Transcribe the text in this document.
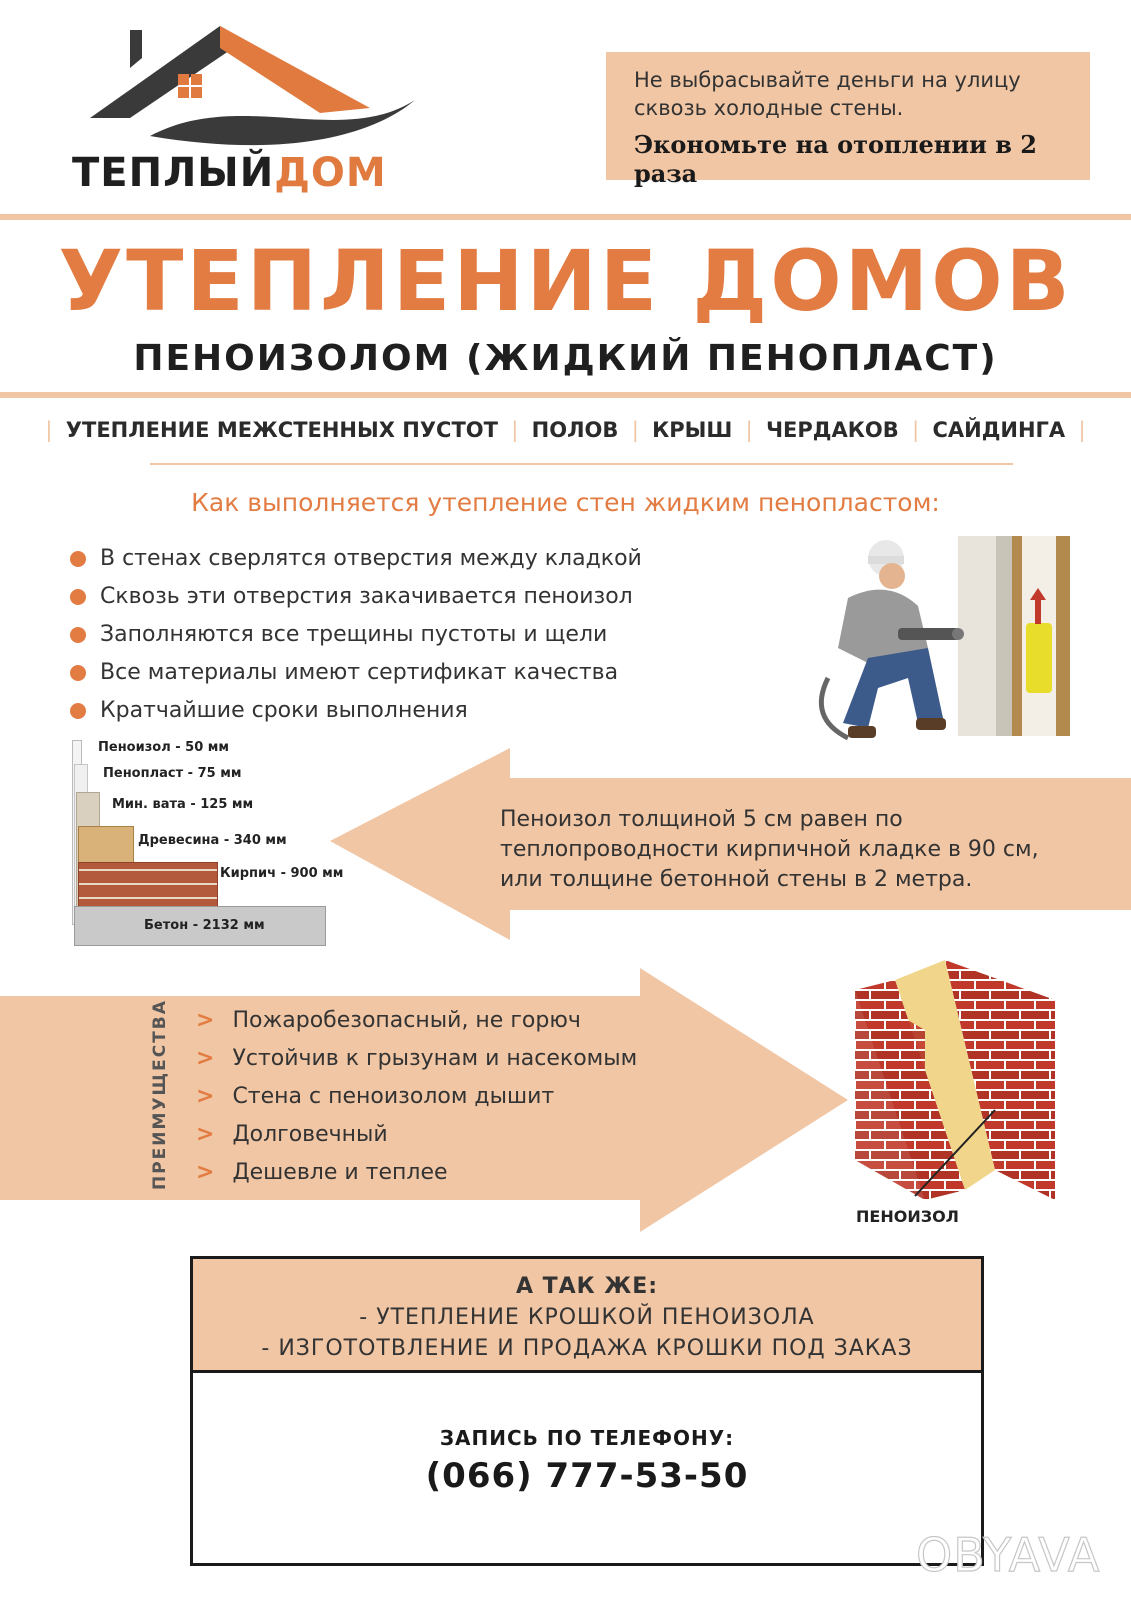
ТЕПЛЫЙДОМ
Не выбрасывайте деньги на улицу
сквозь холодные стены.
Экономьте на отоплении в 2 раза
УТЕПЛЕНИЕ ДОМОВ
ПЕНОИЗОЛОМ (ЖИДКИЙ ПЕНОПЛАСТ)
| УТЕПЛЕНИЕ МЕЖСТЕННЫХ ПУСТОТ | ПОЛОВ | КРЫШ | ЧЕРДАКОВ | САЙДИНГА |
Как выполняется утепление стен жидким пенопластом:
В стенах сверлятся отверстия между кладкой
Сквозь эти отверстия закачивается пеноизол
Заполняются все трещины пустоты и щели
Все материалы имеют сертификат качества
Кратчайшие сроки выполнения
Пеноизол толщиной 5 см равен по
теплопроводности кирпичной кладке в 90 см,
или толщине бетонной стены в 2 метра.
Пеноизол - 50 мм
Пенопласт - 75 мм
Мин. вата - 125 мм
Древесина - 340 мм
Кирпич - 900 мм
Бетон - 2132 мм
ПРЕИМУЩЕСТВА > Пожаробезопасный, не горюч
> Устойчив к грызунам и насекомым
> Стена с пеноизолом дышит
> Долговечный
> Дешевле и теплее
ПЕНОИЗОЛ
А ТАК ЖЕ:
- УТЕПЛЕНИЕ КРОШКОЙ ПЕНОИЗОЛА
- ИЗГОТОТВЛЕНИЕ И ПРОДАЖА КРОШКИ ПОД ЗАКАЗ
ЗАПИСЬ ПО ТЕЛЕФОНУ:
(066) 777-53-50
OBYAVA
